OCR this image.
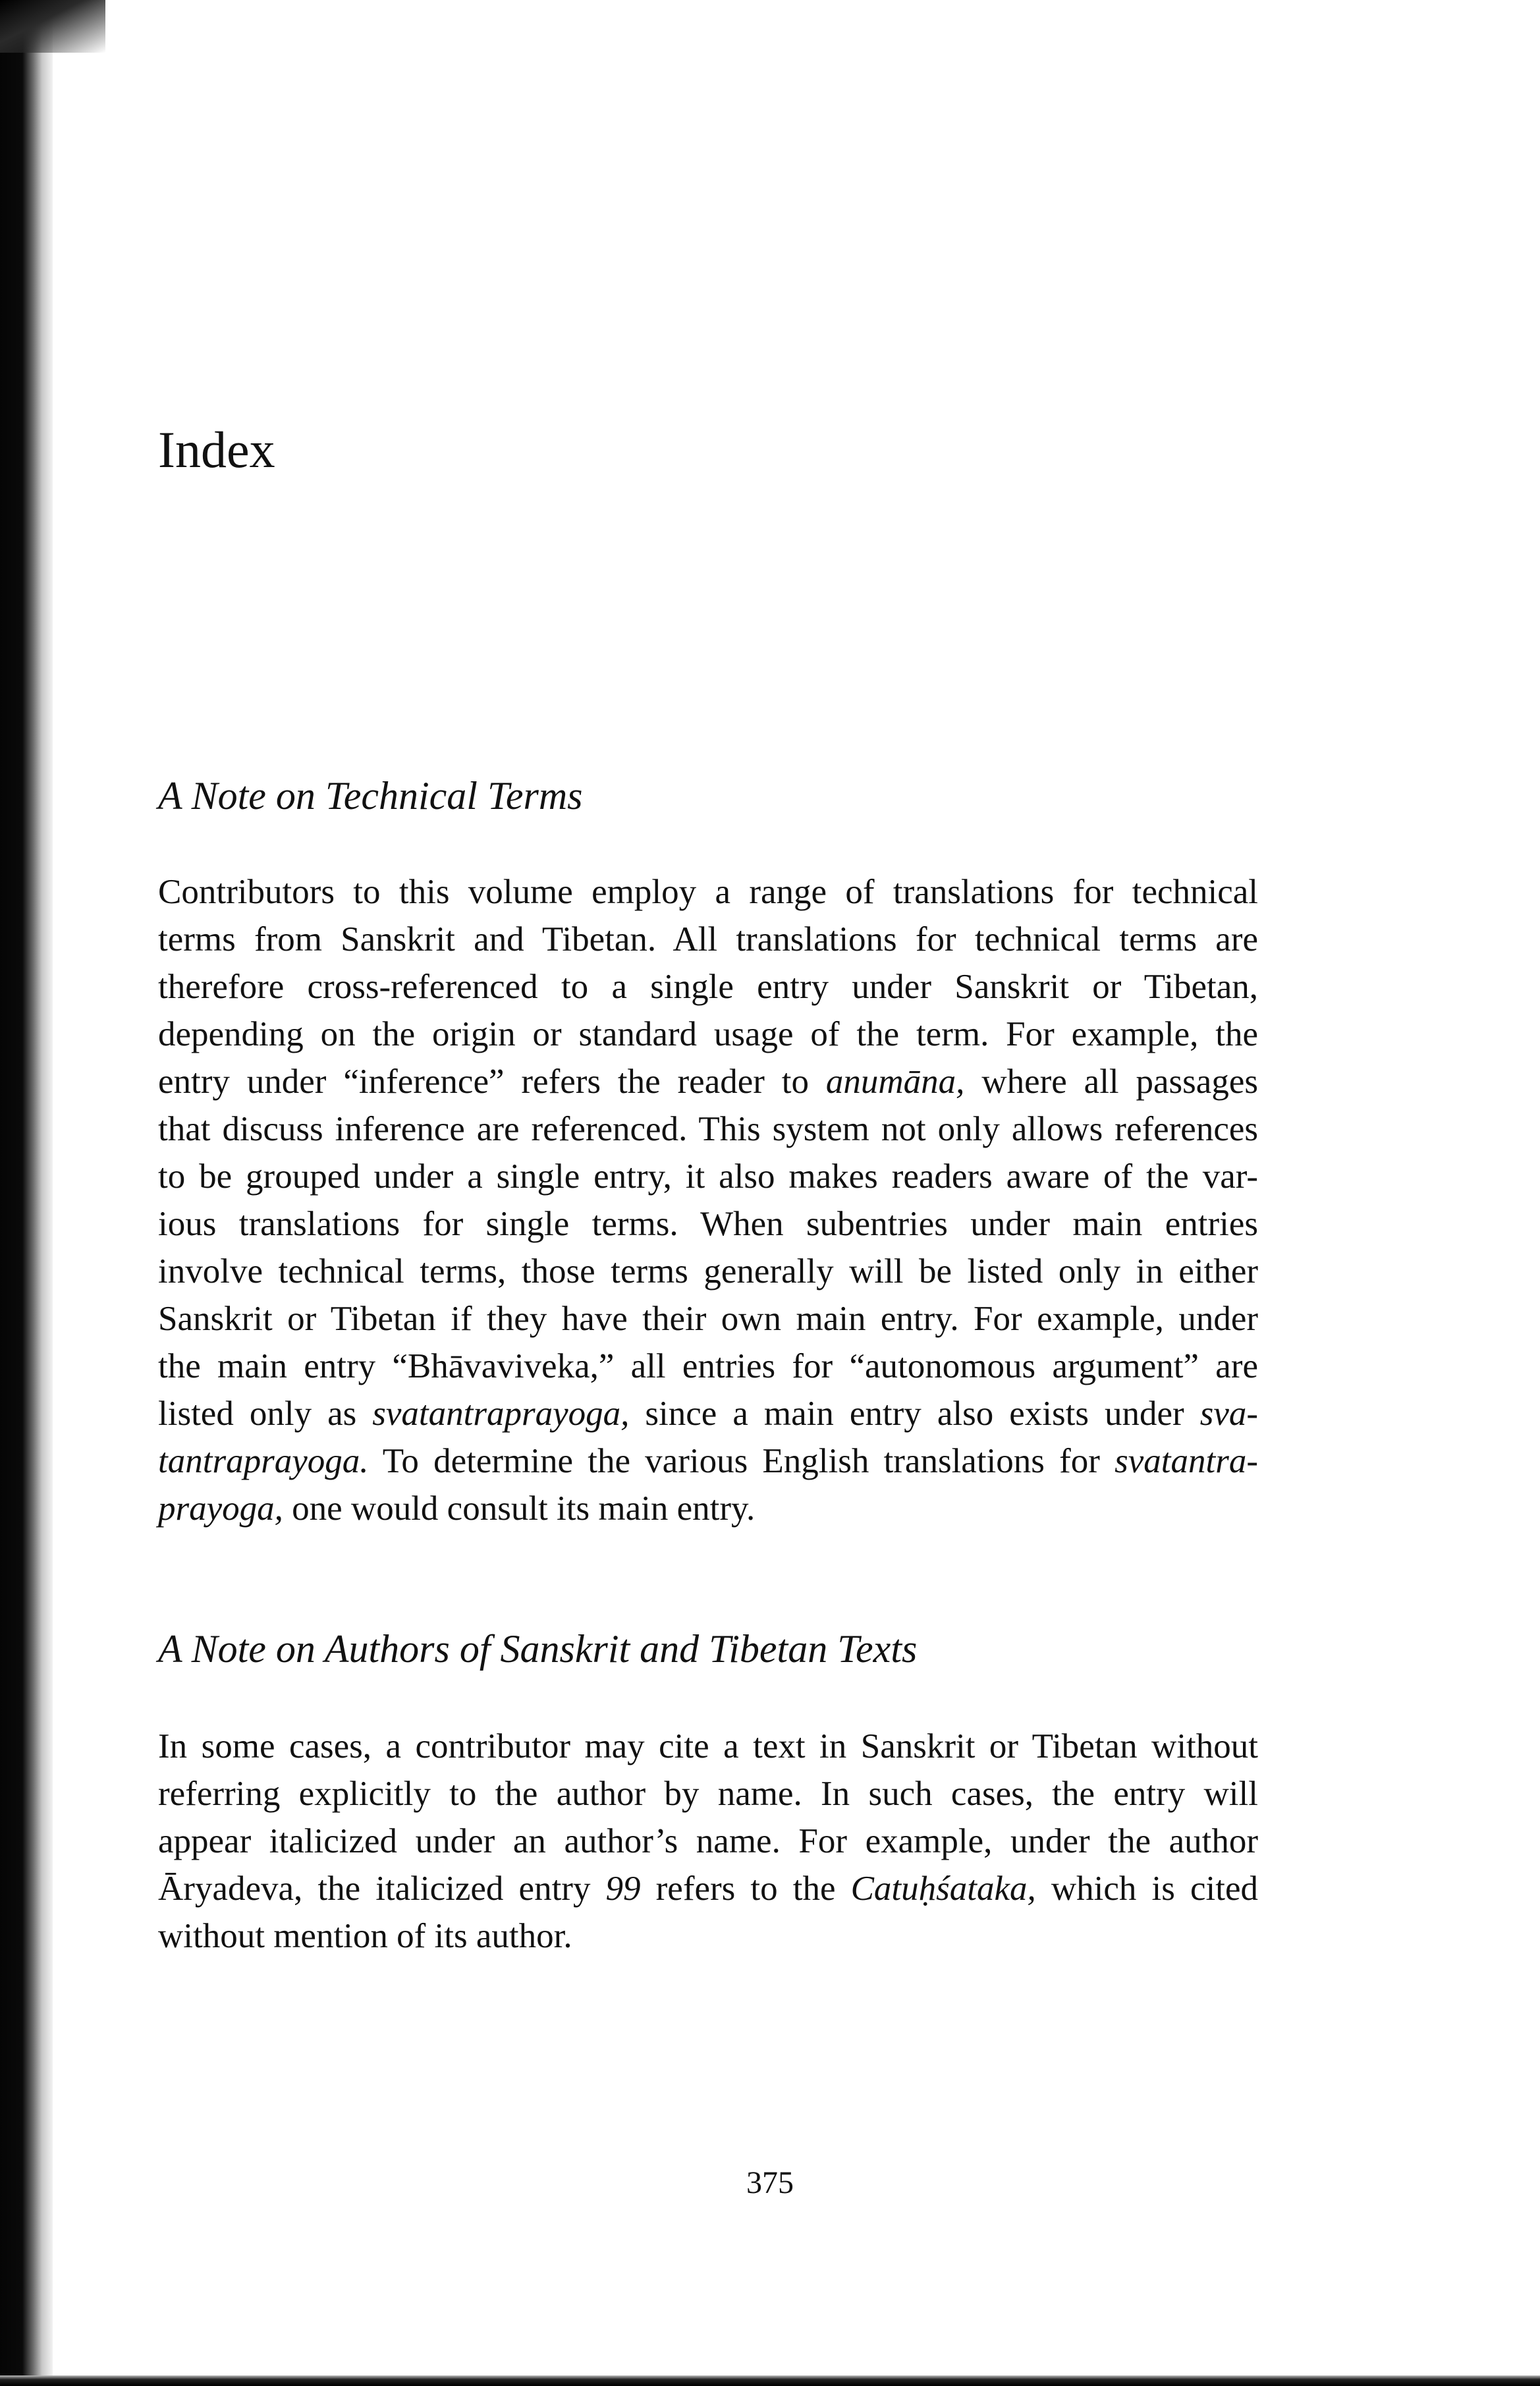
Index
A Note on Technical Terms
Contributors to this volume employ a range of translations for technical
terms from Sanskrit and Tibetan. All translations for technical terms are
therefore cross-referenced to a single entry under Sanskrit or Tibetan,
depending on the origin or standard usage of the term. For example, the
entry under “inference” refers the reader to anumāna, where all passages
that discuss inference are referenced. This system not only allows references
to be grouped under a single entry, it also makes readers aware of the var-
ious translations for single terms. When subentries under main entries
involve technical terms, those terms generally will be listed only in either
Sanskrit or Tibetan if they have their own main entry. For example, under
the main entry “Bhāvaviveka,” all entries for “autonomous argument” are
listed only as svatantraprayoga, since a main entry also exists under sva-
tantraprayoga. To determine the various English translations for svatantra-
prayoga, one would consult its main entry.
A Note on Authors of Sanskrit and Tibetan Texts
In some cases, a contributor may cite a text in Sanskrit or Tibetan without
referring explicitly to the author by name. In such cases, the entry will
appear italicized under an author’s name. For example, under the author
Āryadeva, the italicized entry 99 refers to the Catuḥśataka, which is cited
without mention of its author.
375
